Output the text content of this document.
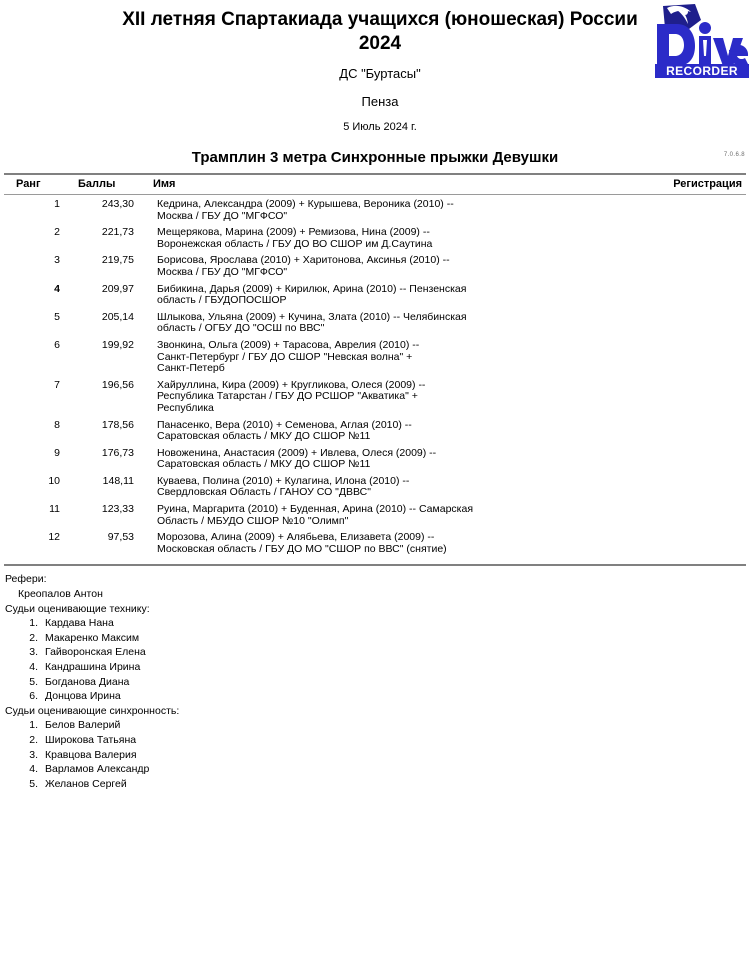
XII летняя Спартакиада учащихся (юношеская) России 2024
ДС "Буртасы"
Пенза
5 Июль 2024 г.
RECORDER
Трамплин 3 метра Синхронные прыжки Девушки	7.0.6.8
Ранг	Баллы	Имя	Регистрация
1	243,30	Кедрина, Александра (2009) + Курышева, Вероника (2010) --
Москва / ГБУ ДО "МГФСО"
2	221,73	Мещерякова, Марина (2009) + Ремизова, Нина (2009) --
Воронежская область / ГБУ ДО ВО СШОР им Д.Саутина
3	219,75	Борисова, Ярослава (2010) + Харитонова, Аксинья (2010) --
Москва / ГБУ ДО "МГФСО"
4	209,97	Бибикина, Дарья (2009) + Кирилюк, Арина (2010) -- Пензенская
область / ГБУДОПОСШОР
5	205,14	Шлыкова, Ульяна (2009) + Кучина, Злата (2010) -- Челябинская
область / ОГБУ ДО "ОСШ по ВВС"
6	199,92	Звонкина, Ольга (2009) + Тарасова, Аврелия (2010) --
Санкт-Петербург / ГБУ ДО СШОР "Невская волна" +
Санкт-Петерб
7	196,56	Хайруллина, Кира (2009) + Кругликова, Олеся (2009) --
Республика Татарстан / ГБУ ДО РСШОР "Акватика" +
Республика
8	178,56	Панасенко, Вера (2010) + Семенова, Аглая (2010) --
Саратовская область / МКУ ДО СШОР №11
9	176,73	Новоженина, Анастасия (2009) + Ивлева, Олеся (2009) --
Саратовская область / МКУ ДО СШОР №11
10	148,11	Куваева, Полина (2010) + Кулагина, Илона (2010) --
Свердловская Область / ГАНОУ СО "ДВВС"
11	123,33	Руина, Маргарита (2010) + Буденная, Арина (2010) -- Самарская
Область / МБУДО СШОР №10 "Олимп"
12	97,53	Морозова, Алина (2009) + Алябьева, Елизавета (2009) --
Московская область / ГБУ ДО МО "СШОР по ВВС" (снятие)
Рефери:
Креопалов Антон
Судьи оценивающие технику:
1. Кардава Нана
2. Макаренко Максим
3. Гайворонская Елена
4. Кандрашина Ирина
5. Богданова Диана
6. Донцова Ирина
Судьи оценивающие синхронность:
1. Белов Валерий
2. Широкова Татьяна
3. Кравцова Валерия
4. Варламов Александр
5. Желанов Сергей
